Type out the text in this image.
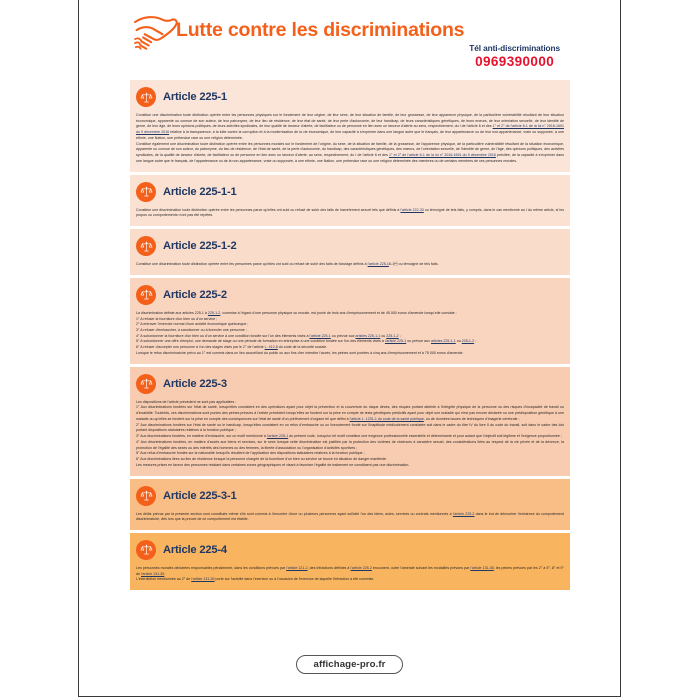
Lutte contre les discriminations
Tél anti-discriminations
0969390000
Article 225-1

Constitue une discrimination toute distinction opérée entre les personnes physiques sur le fondement de leur origine, de leur sexe, de leur situation de famille, de leur grossesse, de leur apparence physique, de la particulière vulnérabilité résultant de leur situation économique, apparente ou connue de son auteur, de leur patronyme, de leur lieu de résidence, de leur état de santé, de leur perte d'autonomie, de leur handicap, de leurs caractéristiques génétiques, de leurs mœurs, de leur orientation sexuelle, de leur identité de genre, de leur âge, de leurs opinions politiques, de leurs activités syndicales, de leur qualité de lanceur d'alerte, de facilitateur ou de personne en lien avec un lanceur d'alerte au sens, respectivement, du I de l'article 6 et des 1° et 2° de l'article 6-1 de la loi n° 2016-1691 du 9 décembre 2016 relative à la transparence, à la lutte contre la corruption et à la modernisation de la vie économique, de leur capacité à s'exprimer dans une langue autre que le français, de leur appartenance ou de leur non-appartenance, vraie ou supposée, à une ethnie, une Nation, une prétendue race ou une religion déterminée.

Constitue également une discrimination toute distinction opérée entre les personnes morales sur le fondement de l'origine, du sexe, de la situation de famille, de la grossesse, de l'apparence physique, de la particulière vulnérabilité résultant de la situation économique, apparente ou connue de son auteur, du patronyme, du lieu de résidence, de l'état de santé, de la perte d'autonomie, du handicap, des caractéristiques génétiques, des mœurs, de l'orientation sexuelle, de l'identité de genre, de l'âge, des opinions politiques, des activités syndicales, de la qualité de lanceur d'alerte, de facilitateur ou de personne en lien avec un lanceur d'alerte, au sens, respectivement, du I de l'article 6 et des 1° et 2° de l'article 6-1 de la loi n° 2016-1691 du 9 décembre 2016 précitée, de la capacité à s'exprimer dans une langue autre que le français, de l'appartenance ou de la non-appartenance, vraie ou supposée, à une ethnie, une Nation, une prétendue race ou une religion déterminée des membres ou de certains membres de ces personnes morales.

Article 225-1-1

Constitue une discrimination toute distinction opérée entre les personnes parce qu'elles ont subi ou refusé de subir des faits de harcèlement sexuel tels que définis à l'article 222-33 ou témoigné de tels faits, y compris, dans le cas mentionné au I du même article, si les propos ou comportements n'ont pas été répétés.

Article 225-1-2

Constitue une discrimination toute distinction opérée entre les personnes parce qu'elles ont subi ou refusé de subir des faits de bizutage définis à l'article 225-16-1 ou témoigné de tels faits.

Article 225-2

La discrimination définie aux articles 225-1 à 225-1-2, commise à l'égard d'une personne physique ou morale, est punie de trois ans d'emprisonnement et de 45 000 euros d'amende lorsqu'elle consiste :

1° A refuser la fourniture d'un bien ou d'un service ;

2° A entraver l'exercice normal d'une activité économique quelconque ;

3° A refuser d'embaucher, à sanctionner ou à licencier une personne ;

4° A subordonner la fourniture d'un bien ou d'un service à une condition fondée sur l'un des éléments visés à l'article 225-1 ou prévue aux articles 225-1-1 ou 225-1-2 ;

5° A subordonner une offre d'emploi, une demande de stage ou une période de formation en entreprise à une condition fondée sur l'un des éléments visés à l'article 225-1 ou prévue aux articles 225-1-1 ou 225-1-2 ;

6° A refuser d'accepter une personne à l'un des stages visés par le 2° de l'article L. 412-8 du code de la sécurité sociale.

Lorsque le refus discriminatoire prévu au 1° est commis dans un lieu accueillant du public ou aux fins d'en interdire l'accès, les peines sont portées à cinq ans d'emprisonnement et à 75 000 euros d'amende.

Article 225-3

Les dispositions de l'article précédent ne sont pas applicables :

1° Aux discriminations fondées sur l'état de santé, lorsqu'elles consistent en des opérations ayant pour objet la prévention et la couverture du risque décès, des risques portant atteinte à l'intégrité physique de la personne ou des risques d'incapacité de travail ou d'invalidité. Toutefois, ces discriminations sont punies des peines prévues à l'article précédent lorsqu'elles se fondent sur la prise en compte de tests génétiques prédictifs ayant pour objet une maladie qui n'est pas encore déclarée ou une prédisposition génétique à une maladie ou qu'elles se fondent sur la prise en compte des conséquences sur l'état de santé d'un prélèvement d'organe tel que défini à l'article L. 1231-1 du code de la santé publique, ou de données issues de techniques d'imagerie cérébrale ;

2° Aux discriminations fondées sur l'état de santé ou le handicap, lorsqu'elles consistent en un refus d'embauche ou un licenciement fondé sur l'inaptitude médicalement constatée soit dans le cadre du titre IV du livre II du code du travail, soit dans le cadre des lois portant dispositions statutaires relatives à la fonction publique ;

3° Aux discriminations fondées, en matière d'embauche, sur un motif mentionné à l'article 225-1 du présent code, lorsqu'un tel motif constitue une exigence professionnelle essentielle et déterminante et pour autant que l'objectif soit légitime et l'exigence proportionnée ;

4° Aux discriminations fondées, en matière d'accès aux biens et services, sur le sexe lorsque cette discrimination est justifiée par la protection des victimes de violences à caractère sexuel, des considérations liées au respect de la vie privée et de la décence, la promotion de l'égalité des sexes ou des intérêts des hommes ou des femmes, la liberté d'association ou l'organisation d'activités sportives ;

5° Aux refus d'embauche fondés sur la nationalité lorsqu'ils résultent de l'application des dispositions statutaires relatives à la fonction publique ;

6° Aux discriminations liées au lieu de résidence lorsque la personne chargée de la fourniture d'un bien ou service se trouve en situation de danger manifeste.

Les mesures prises en faveur des personnes résidant dans certaines zones géographiques et visant à favoriser l'égalité de traitement ne constituent pas une discrimination.

Article 225-3-1

Les délits prévus par la présente section sont constitués même s'ils sont commis à l'encontre d'une ou plusieurs personnes ayant sollicité l'un des biens, actes, services ou contrats mentionnés à l'article 225-2 dans le but de démontrer l'existence du comportement discriminatoire, dès lors que la preuve de ce comportement est établie.

Article 225-4

Les personnes morales déclarées responsables pénalement, dans les conditions prévues par l'article 121-2, des infractions définies à l'article 225-2 encourent, outre l'amende suivant les modalités prévues par l'article 131-38, les peines prévues par les 2° à 5°, 8° et 9° de l'article 131-39.

L'interdiction mentionnée au 2° de l'article 131-39 porte sur l'activité dans l'exercice ou à l'occasion de l'exercice de laquelle l'infraction a été commise.

affichage-pro.fr
